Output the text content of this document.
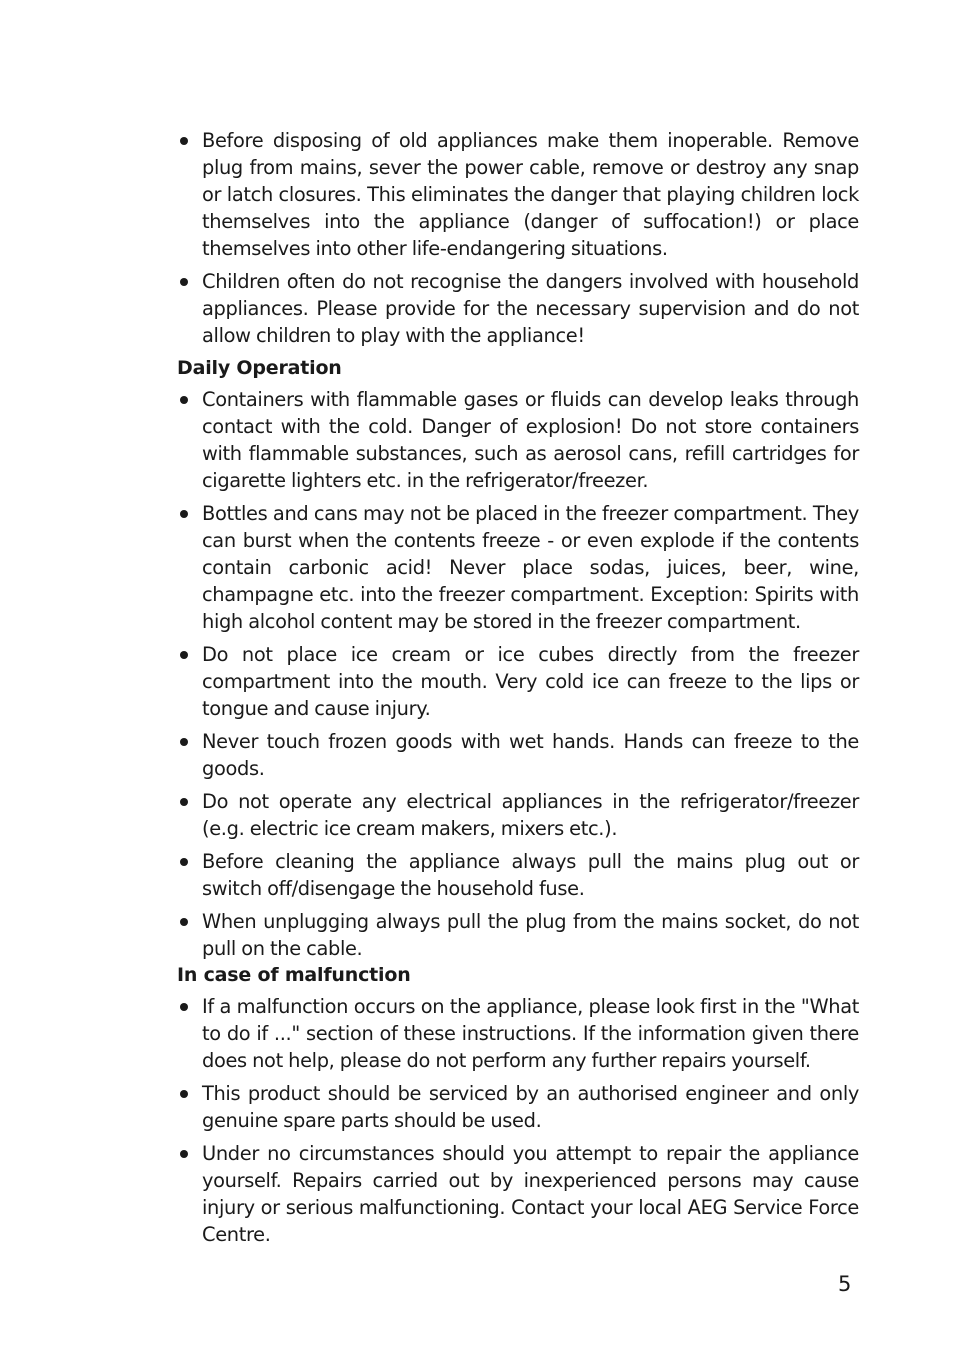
Before disposing of old appliances make them inoperable. Remove plug from mains, sever the power cable, remove or destroy any snap or latch closures. This eliminates the danger that playing children lock themselves into the appliance (danger of suffocation!) or place themselves into other life-endangering situations.
Children often do not recognise the dangers involved with household appliances. Please provide for the necessary supervision and do not allow children to play with the appliance!
Daily Operation
Containers with flammable gases or fluids can develop leaks through contact with the cold. Danger of explosion! Do not store containers with flammable substances, such as aerosol cans, refill cartridges for cigarette lighters etc. in the refrigerator/freezer.
Bottles and cans may not be placed in the freezer compartment. They can burst when the contents freeze - or even explode if the contents contain carbonic acid! Never place sodas, juices, beer, wine, champagne etc. into the freezer compartment. Exception: Spirits with high alcohol content may be stored in the freezer compartment.
Do not place ice cream or ice cubes directly from the freezer compartment into the mouth. Very cold ice can freeze to the lips or tongue and cause injury.
Never touch frozen goods with wet hands. Hands can freeze to the goods.
Do not operate any electrical appliances in the refrigerator/freezer (e.g. electric ice cream makers, mixers etc.).
Before cleaning the appliance always pull the mains plug out or switch off/disengage the household fuse.
When unplugging always pull the plug from the mains socket, do not pull on the cable.
In case of malfunction
If a malfunction occurs on the appliance, please look first in the "What to do if ..." section of these instructions. If the information given there does not help, please do not perform any further repairs yourself.
This product should be serviced by an authorised engineer and only genuine spare parts should be used.
Under no circumstances should you attempt to repair the appliance yourself. Repairs carried out by inexperienced persons may cause injury or serious malfunctioning. Contact your local AEG Service Force Centre.
5
